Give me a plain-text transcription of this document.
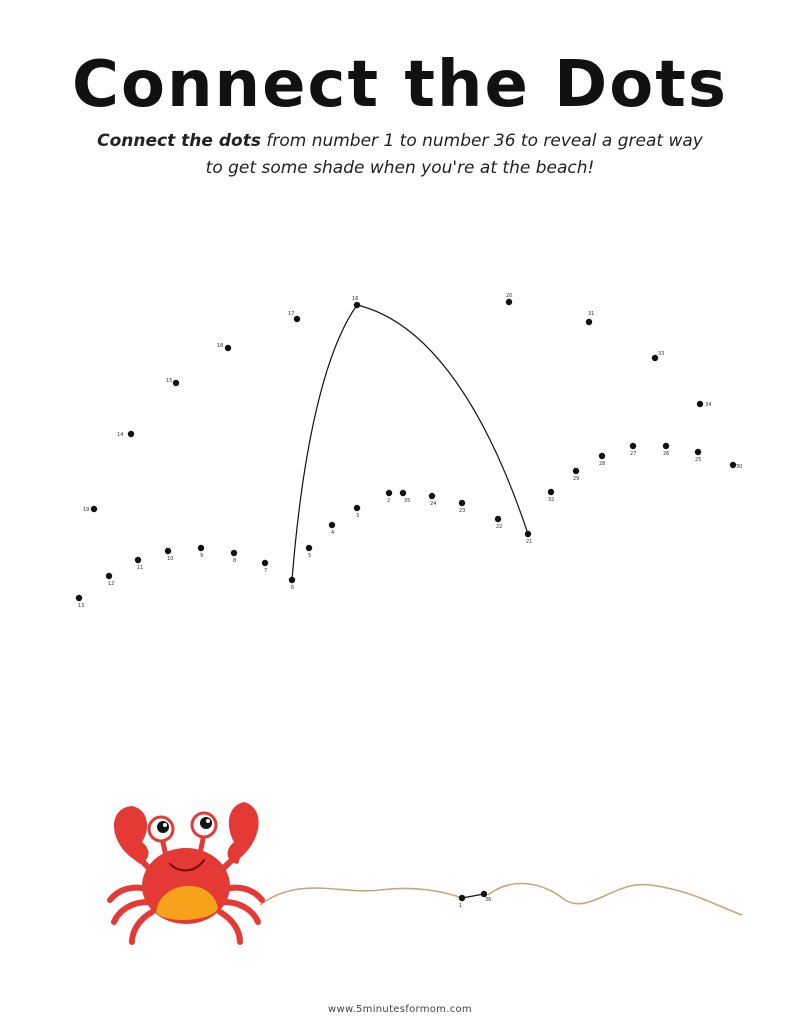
Connect the Dots
Connect the dots from number 1 to number 36 to reveal a great way
to get some shade when you're at the beach!
1
2
3
4
5
6
7
8
9
10
11
12
13
14
15
16
17
18
19
20
21
22
23
24
25
26
27
28
29
30
31
32
33
34
35
36
www.5minutesformom.com
